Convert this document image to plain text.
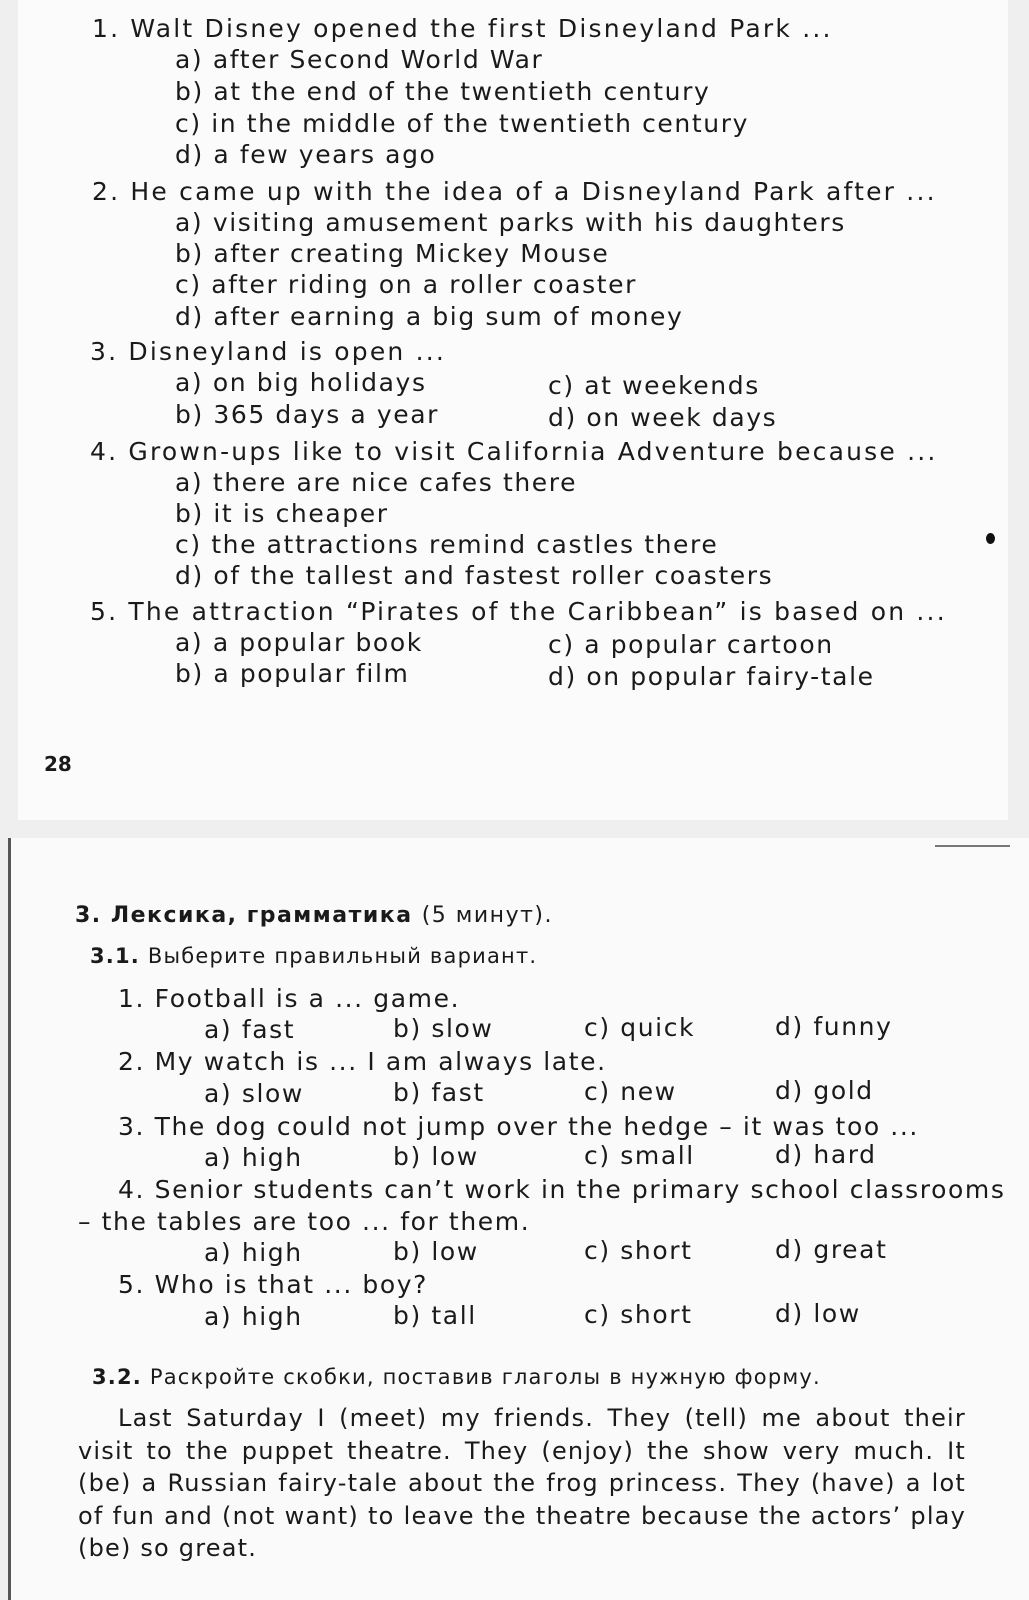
1. Walt Disney opened the first Disneyland Park ...
a) after Second World War
b) at the end of the twentieth century
c) in the middle of the twentieth century
d) a few years ago
2. He came up with the idea of a Disneyland Park after ...
a) visiting amusement parks with his daughters
b) after creating Mickey Mouse
c) after riding on a roller coaster
d) after earning a big sum of money
3. Disneyland is open ...
a) on big holidays	c) at weekends
b) 365 days a year	d) on week days
4. Grown-ups like to visit California Adventure because ...
a) there are nice cafes there
b) it is cheaper
c) the attractions remind castles there
d) of the tallest and fastest roller coasters
5. The attraction “Pirates of the Caribbean” is based on ...
a) a popular book	c) a popular cartoon
b) a popular film	d) on popular fairy-tale
28
3. Лексика, грамматика (5 минут).
3.1. Выберите правильный вариант.
1. Football is a ... game.
a) fast	b) slow	c) quick	d) funny
2. My watch is ... I am always late.
a) slow	b) fast	c) new	d) gold
3. The dog could not jump over the hedge – it was too ...
a) high	b) low	c) small	d) hard
4. Senior students can’t work in the primary school classrooms
– the tables are too ... for them.
a) high	b) low	c) short	d) great
5. Who is that ... boy?
a) high	b) tall	c) short	d) low
3.2. Раскройте скобки, поставив глаголы в нужную форму.
Last Saturday I (meet) my friends. They (tell) me about their visit to the puppet theatre. They (enjoy) the show very much. It (be) a Russian fairy-tale about the frog princess. They (have) a lot of fun and (not want) to leave the theatre because the actors’ play (be) so great.
